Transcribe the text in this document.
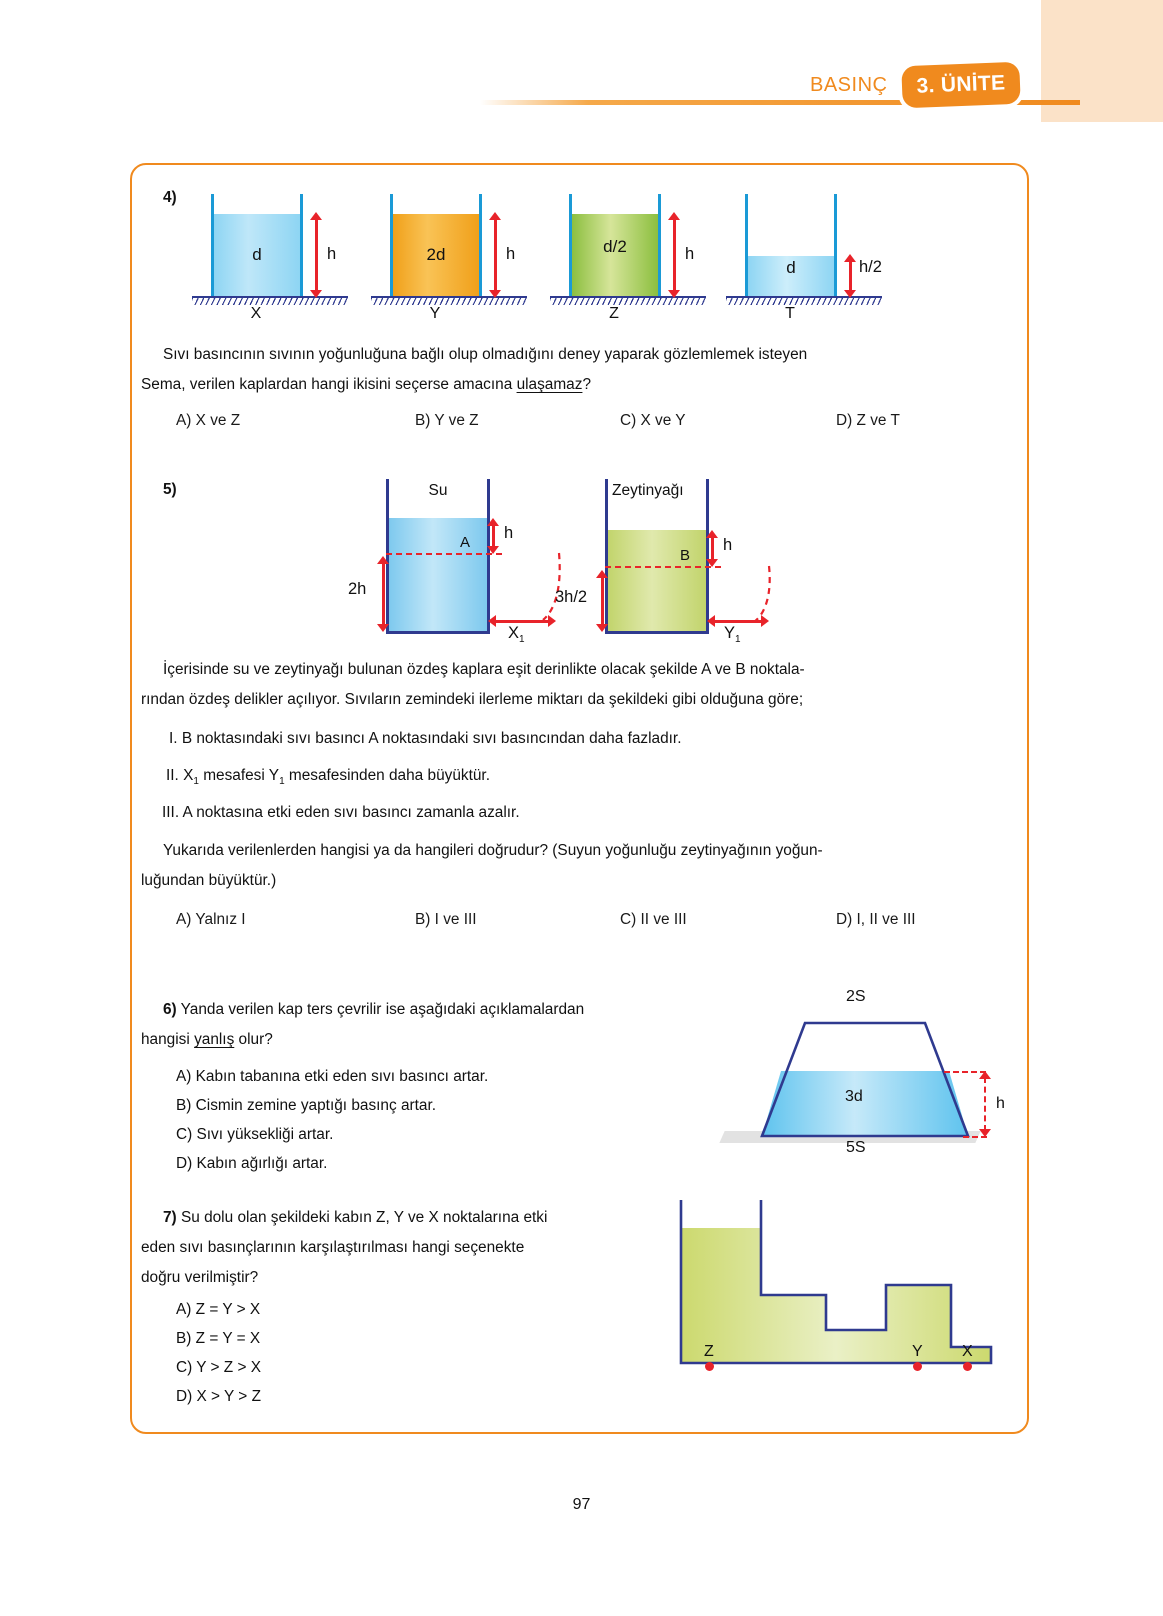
BASINÇ	3. ÜNİTE
4)
d	h
X
2d	h
Y
d/2	h
Z
d	h/2
T
Sıvı basıncının sıvının yoğunluğuna bağlı olup olmadığını deney yaparak gözlemlemek isteyen
Sema, verilen kaplardan hangi ikisini seçerse amacına ulaşamaz?
A) X ve Z	B) Y ve Z	C) X ve Y	D) Z ve T
5)	Su
A
h
2h
$X_1$
Zeytinyağı
B
h
3h/2
$Y_1$
İçerisinde su ve zeytinyağı bulunan özdeş kaplara eşit derinlikte olacak şekilde A ve B noktala-
rından özdeş delikler açılıyor. Sıvıların zemindeki ilerleme miktarı da şekildeki gibi olduğuna göre;
I. B noktasındaki sıvı basıncı A noktasındaki sıvı basıncından daha fazladır.
II. $X_1$ mesafesi $Y_1$ mesafesinden daha büyüktür.
III. A noktasına etki eden sıvı basıncı zamanla azalır.
Yukarıda verilenlerden hangisi ya da hangileri doğrudur? (Suyun yoğunluğu zeytinyağının yoğun-
luğundan büyüktür.)
A) Yalnız I	B) I ve III	C) II ve III	D) I, II ve III
6) Yanda verilen kap ters çevrilir ise aşağıdaki açıklamalardan
hangisi yanlış olur?
A) Kabın tabanına etki eden sıvı basıncı artar.
B) Cismin zemine yaptığı basınç artar.
C) Sıvı yüksekliği artar.
D) Kabın ağırlığı artar.
2S
5S
3d	h
7) Su dolu olan şekildeki kabın Z, Y ve X noktalarına etki
eden sıvı basınçlarının karşılaştırılması hangi seçenekte
doğru verilmiştir?
A) Z = Y > X
B) Z = Y = X
C) Y > Z > X
D) X > Y > Z
Z	Y X
97
